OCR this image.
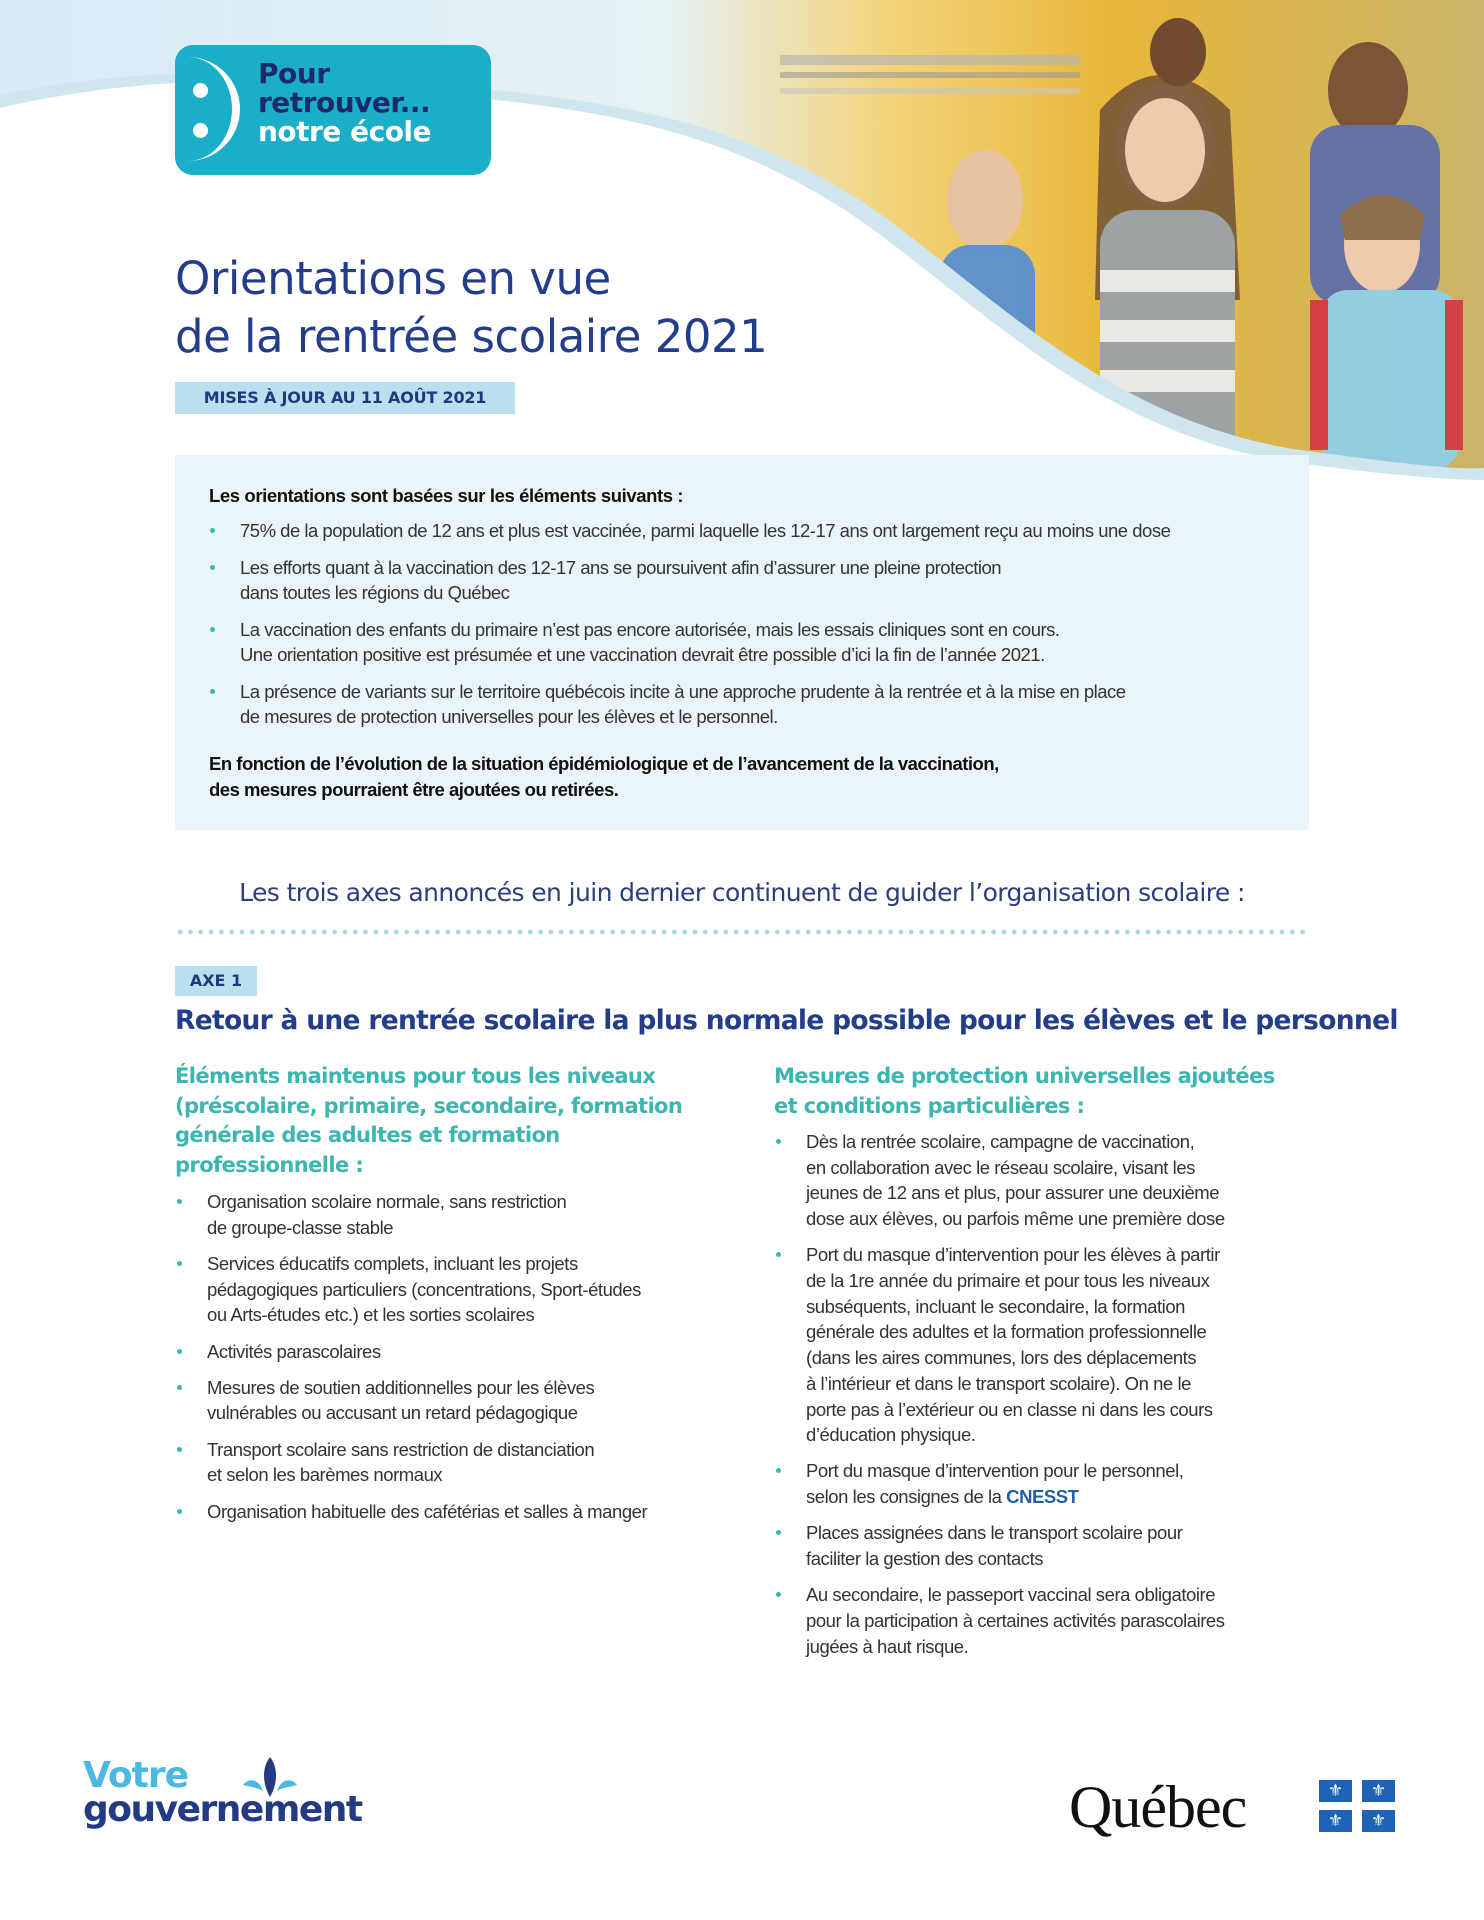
Pour
retrouver...
notre école
Orientations en vue
de la rentrée scolaire 2021
MISES À JOUR AU 11 AOÛT 2021
Les orientations sont basées sur les éléments suivants :
75% de la population de 12 ans et plus est vaccinée, parmi laquelle les 12-17 ans ont largement reçu au moins une dose
Les efforts quant à la vaccination des 12-17 ans se poursuivent afin d’assurer une pleine protection
dans toutes les régions du Québec
La vaccination des enfants du primaire n’est pas encore autorisée, mais les essais cliniques sont en cours.
Une orientation positive est présumée et une vaccination devrait être possible d’ici la fin de l’année 2021.
La présence de variants sur le territoire québécois incite à une approche prudente à la rentrée et à la mise en place
de mesures de protection universelles pour les élèves et le personnel.
En fonction de l’évolution de la situation épidémiologique et de l’avancement de la vaccination,
des mesures pourraient être ajoutées ou retirées.
Les trois axes annoncés en juin dernier continuent de guider l’organisation scolaire :
AXE 1
Retour à une rentrée scolaire la plus normale possible pour les élèves et le personnel
Éléments maintenus pour tous les niveaux
(préscolaire, primaire, secondaire, formation
générale des adultes et formation professionnelle :
Organisation scolaire normale, sans restriction
de groupe-classe stable
Services éducatifs complets, incluant les projets
pédagogiques particuliers (concentrations, Sport-études
ou Arts-études etc.) et les sorties scolaires
Activités parascolaires
Mesures de soutien additionnelles pour les élèves
vulnérables ou accusant un retard pédagogique
Transport scolaire sans restriction de distanciation
et selon les barèmes normaux
Organisation habituelle des cafétérias et salles à manger
Mesures de protection universelles ajoutées
et conditions particulières :
Dès la rentrée scolaire, campagne de vaccination,
en collaboration avec le réseau scolaire, visant les
jeunes de 12 ans et plus, pour assurer une deuxième
dose aux élèves, ou parfois même une première dose
Port du masque d’intervention pour les élèves à partir
de la 1re année du primaire et pour tous les niveaux
subséquents, incluant le secondaire, la formation
générale des adultes et la formation professionnelle
(dans les aires communes, lors des déplacements
à l’intérieur et dans le transport scolaire). On ne le
porte pas à l’extérieur ou en classe ni dans les cours
d’éducation physique.
Port du masque d’intervention pour le personnel,
selon les consignes de la CNESST
Places assignées dans le transport scolaire pour
faciliter la gestion des contacts
Au secondaire, le passeport vaccinal sera obligatoire
pour la participation à certaines activités parascolaires
jugées à haut risque.
Votre
gouvernement	Québec	⚜	⚜
⚜	⚜
